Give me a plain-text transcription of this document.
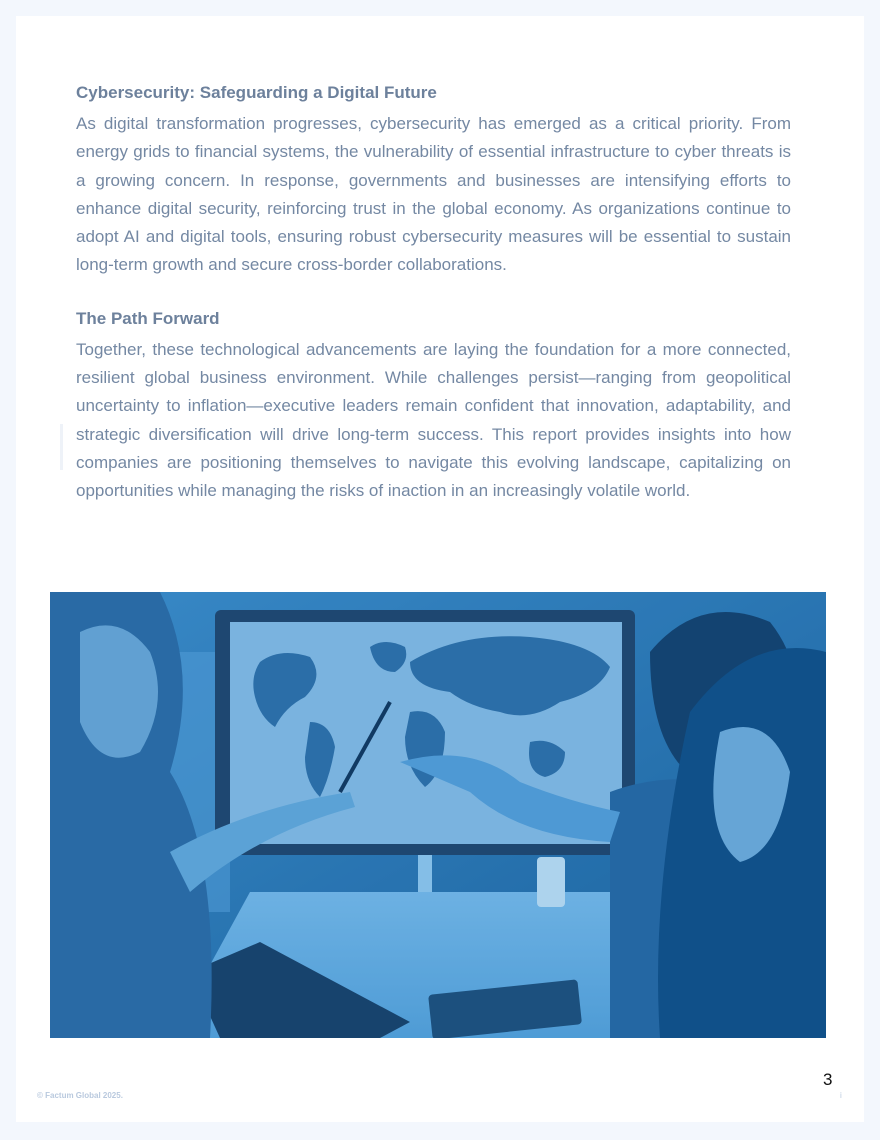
Cybersecurity: Safeguarding a Digital Future

As digital transformation progresses, cybersecurity has emerged as a critical priority. From energy grids to financial systems, the vulnerability of essential infrastructure to cyber threats is a growing concern. In response, governments and businesses are intensifying efforts to enhance digital security, reinforcing trust in the global economy. As organizations continue to adopt AI and digital tools, ensuring robust cybersecurity measures will be essential to sustain long-term growth and secure cross-border collaborations.

The Path Forward

Together, these technological advancements are laying the foundation for a more connected, resilient global business environment. While challenges persist—ranging from geopolitical uncertainty to inflation—executive leaders remain confident that innovation, adaptability, and strategic diversification will drive long-term success. This report provides insights into how companies are positioning themselves to navigate this evolving landscape, capitalizing on opportunities while managing the risks of inaction in an increasingly volatile world.

3
© Factum Global 2025.	i
